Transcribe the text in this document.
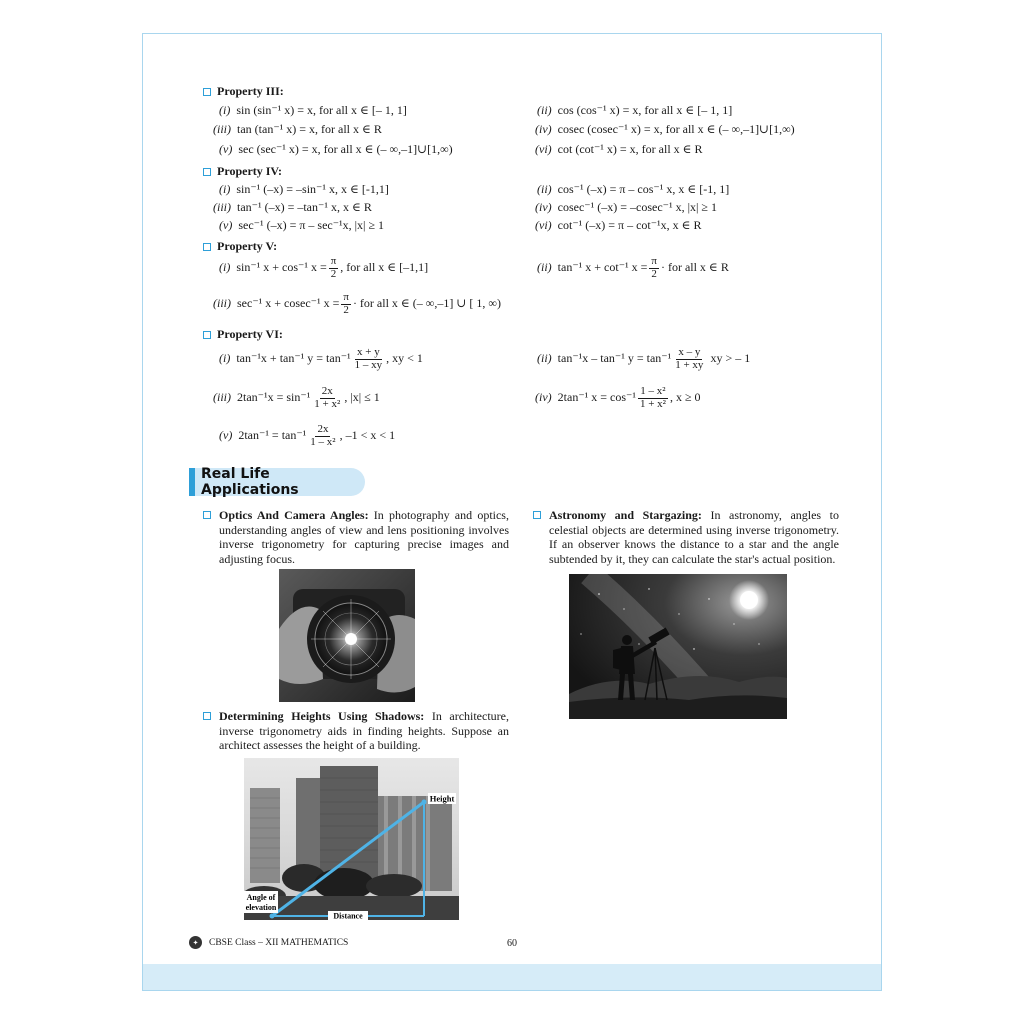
Property III:
(i) sin (sin⁻¹ x) = x, for all x ∈ [– 1, 1]	(ii) cos (cos⁻¹ x) = x, for all x ∈ [– 1, 1]
(iii) tan (tan⁻¹ x) = x, for all x ∈ R	(iv) cosec (cosec⁻¹ x) = x, for all x ∈ (– ∞,–1]∪[1,∞)
(v) sec (sec⁻¹ x) = x, for all x ∈ (– ∞,–1]∪[1,∞)	(vi) cot (cot⁻¹ x) = x, for all x ∈ R
Property IV:
(i) sin⁻¹ (–x) = –sin⁻¹ x, x ∈ [-1,1]	(ii) cos⁻¹ (–x) = π – cos⁻¹ x, x ∈ [-1, 1]
(iii) tan⁻¹ (–x) = –tan⁻¹ x, x ∈ R	(iv) cosec⁻¹ (–x) = –cosec⁻¹ x, |x| ≥ 1
(v) sec⁻¹ (–x) = π – sec⁻¹x, |x| ≥ 1	(vi) cot⁻¹ (–x) = π – cot⁻¹x, x ∈ R
Property V:
(i) sin⁻¹ x + cos⁻¹ $x = \frac{\pi}{2}$ , for all x ∈ [–1,1]	(ii) tan⁻¹ x + cot⁻¹ $x = \frac{\pi}{2}$ · for all x ∈ R
(iii) sec⁻¹ x + cosec⁻¹ $x = \frac{\pi}{2}$ · for all x ∈ (– ∞,–1] ∪ [ 1, ∞)
Property VI:
(i) tan⁻¹x + tan⁻¹ $y = \tan^{-1} \frac{x + y}{1 - xy}$ , xy < 1	(ii) tan⁻¹x – tan⁻¹ $y = \tan^{-1} \frac{x - y}{1 + xy}$ xy > – 1
(iii) $2\tan^{-1}x = \sin^{-1} \frac{2x}{\text{1 + x²}}$ , |x| ≤ 1	(iv) 2tan⁻¹ $x = \cos^{-1} \frac{\text{1 – x²}}{\text{1 + x²}}$ , x ≥ 0
(v) $2\tan^{-1} = \tan^{-1} \frac{2x}{\text{1 – x²}}$ , –1 < x < 1
Real Life Applications
Optics And Camera Angles: In photography and optics, understanding angles of view and lens positioning involves inverse trigonometry for capturing precise images and adjusting focus.
Astronomy and Stargazing: In astronomy, angles to celestial objects are determined using inverse trigonometry. If an observer knows the distance to a star and the angle subtended by it, they can calculate the star's actual position.
Determining Heights Using Shadows: In architecture, inverse trigonometry aids in finding heights. Suppose an architect assesses the height of a building.
Height
Angle of
elevation
Distance
✦	CBSE Class – XII MATHEMATICS	60
